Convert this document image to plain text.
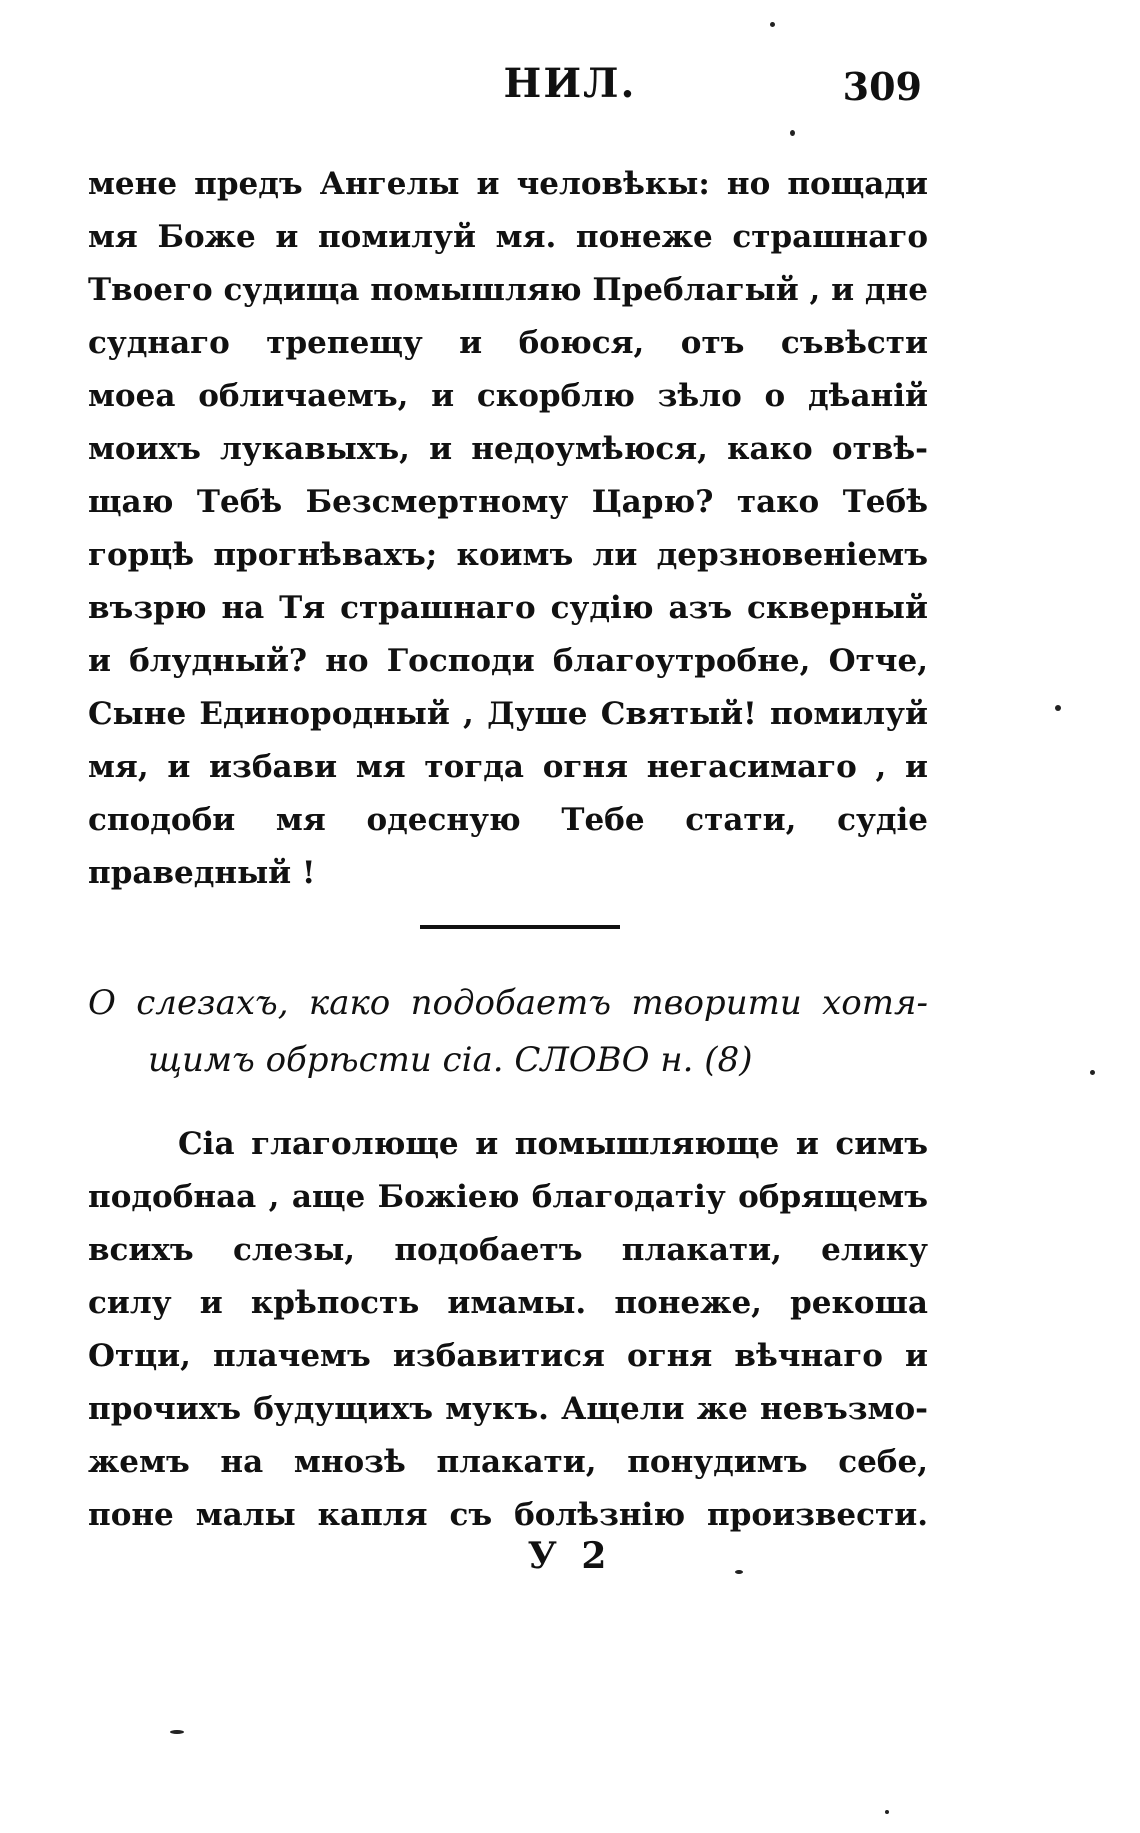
НИЛ.	309
мене предъ Ангелы и человѣкы: но пощади
мя Боже и помилуй мя. понеже страшнаго
Твоего судища помышляю Преблагый , и дне
суднаго трепещу и боюся, отъ съвѣсти
моеа обличаемъ, и скорблю зѣло о дѣаній
моихъ лукавыхъ, и недоумѣюся, како отвѣ-
щаю Тебѣ Безсмертному Царю? тако Тебѣ
горцѣ прогнѣвахъ; коимъ ли дерзновеніемъ
възрю на Тя страшнаго судію азъ скверный
и блудный? но Господи благоутробне, Отче,
Сыне Единородный , Душе Святый! помилуй
мя, и избави мя тогда огня негасимаго , и
сподоби мя одесную Тебе стати, судіе
праведный !
О слезахъ, како подобаетъ творити хотя-
щимъ обрѣсти сіа. СЛОВО н. (8)
Сіа глаголюще и помышляюще и симъ
подобнаа , аще Божіею благодатіу обрящемъ
всихъ слезы, подобаетъ плакати, елику
силу и крѣпость имамы. понеже, рекоша
Отци, плачемъ избавитися огня вѣчнаго и
прочихъ будущихъ мукъ. Ащели же невъзмо-
жемъ на мнозѣ плакати, понудимъ себе,
поне малы капля съ болѣзнію произвести.
У 2
